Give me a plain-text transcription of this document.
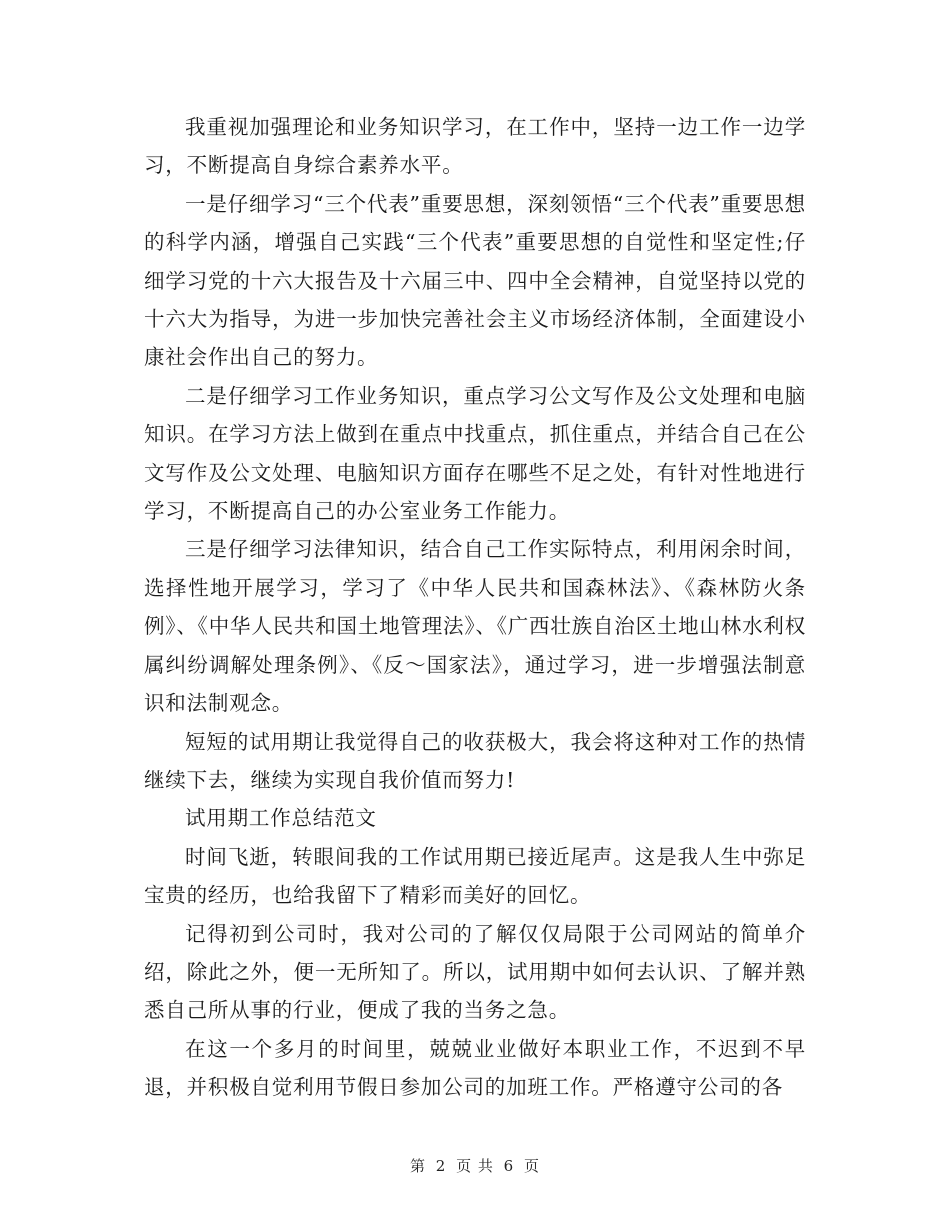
我重视加强理论和业务知识学习，在工作中，坚持一边工作一边学习，不断提高自身综合素养水平。

一是仔细学习“三个代表”重要思想，深刻领悟“三个代表”重要思想的科学内涵，增强自己实践“三个代表”重要思想的自觉性和坚定性;仔细学习党的十六大报告及十六届三中、四中全会精神，自觉坚持以党的十六大为指导，为进一步加快完善社会主义市场经济体制，全面建设小康社会作出自己的努力。

二是仔细学习工作业务知识，重点学习公文写作及公文处理和电脑知识。在学习方法上做到在重点中找重点，抓住重点，并结合自己在公文写作及公文处理、电脑知识方面存在哪些不足之处，有针对性地进行学习，不断提高自己的办公室业务工作能力。

三是仔细学习法律知识，结合自己工作实际特点，利用闲余时间，选择性地开展学习，学习了《中华人民共和国森林法》、《森林防火条例》、《中华人民共和国土地管理法》、《广西壮族自治区土地山林水利权属纠纷调解处理条例》、《反～国家法》，通过学习，进一步增强法制意识和法制观念。

短短的试用期让我觉得自己的收获极大，我会将这种对工作的热情继续下去，继续为实现自我价值而努力!

试用期工作总结范文

时间飞逝，转眼间我的工作试用期已接近尾声。这是我人生中弥足宝贵的经历，也给我留下了精彩而美好的回忆。

记得初到公司时，我对公司的了解仅仅局限于公司网站的简单介绍，除此之外，便一无所知了。所以，试用期中如何去认识、了解并熟悉自己所从事的行业，便成了我的当务之急。

在这一个多月的时间里，兢兢业业做好本职业工作，不迟到不早退，并积极自觉利用节假日参加公司的加班工作。严格遵守公司的各

第 2 页 共 6 页
